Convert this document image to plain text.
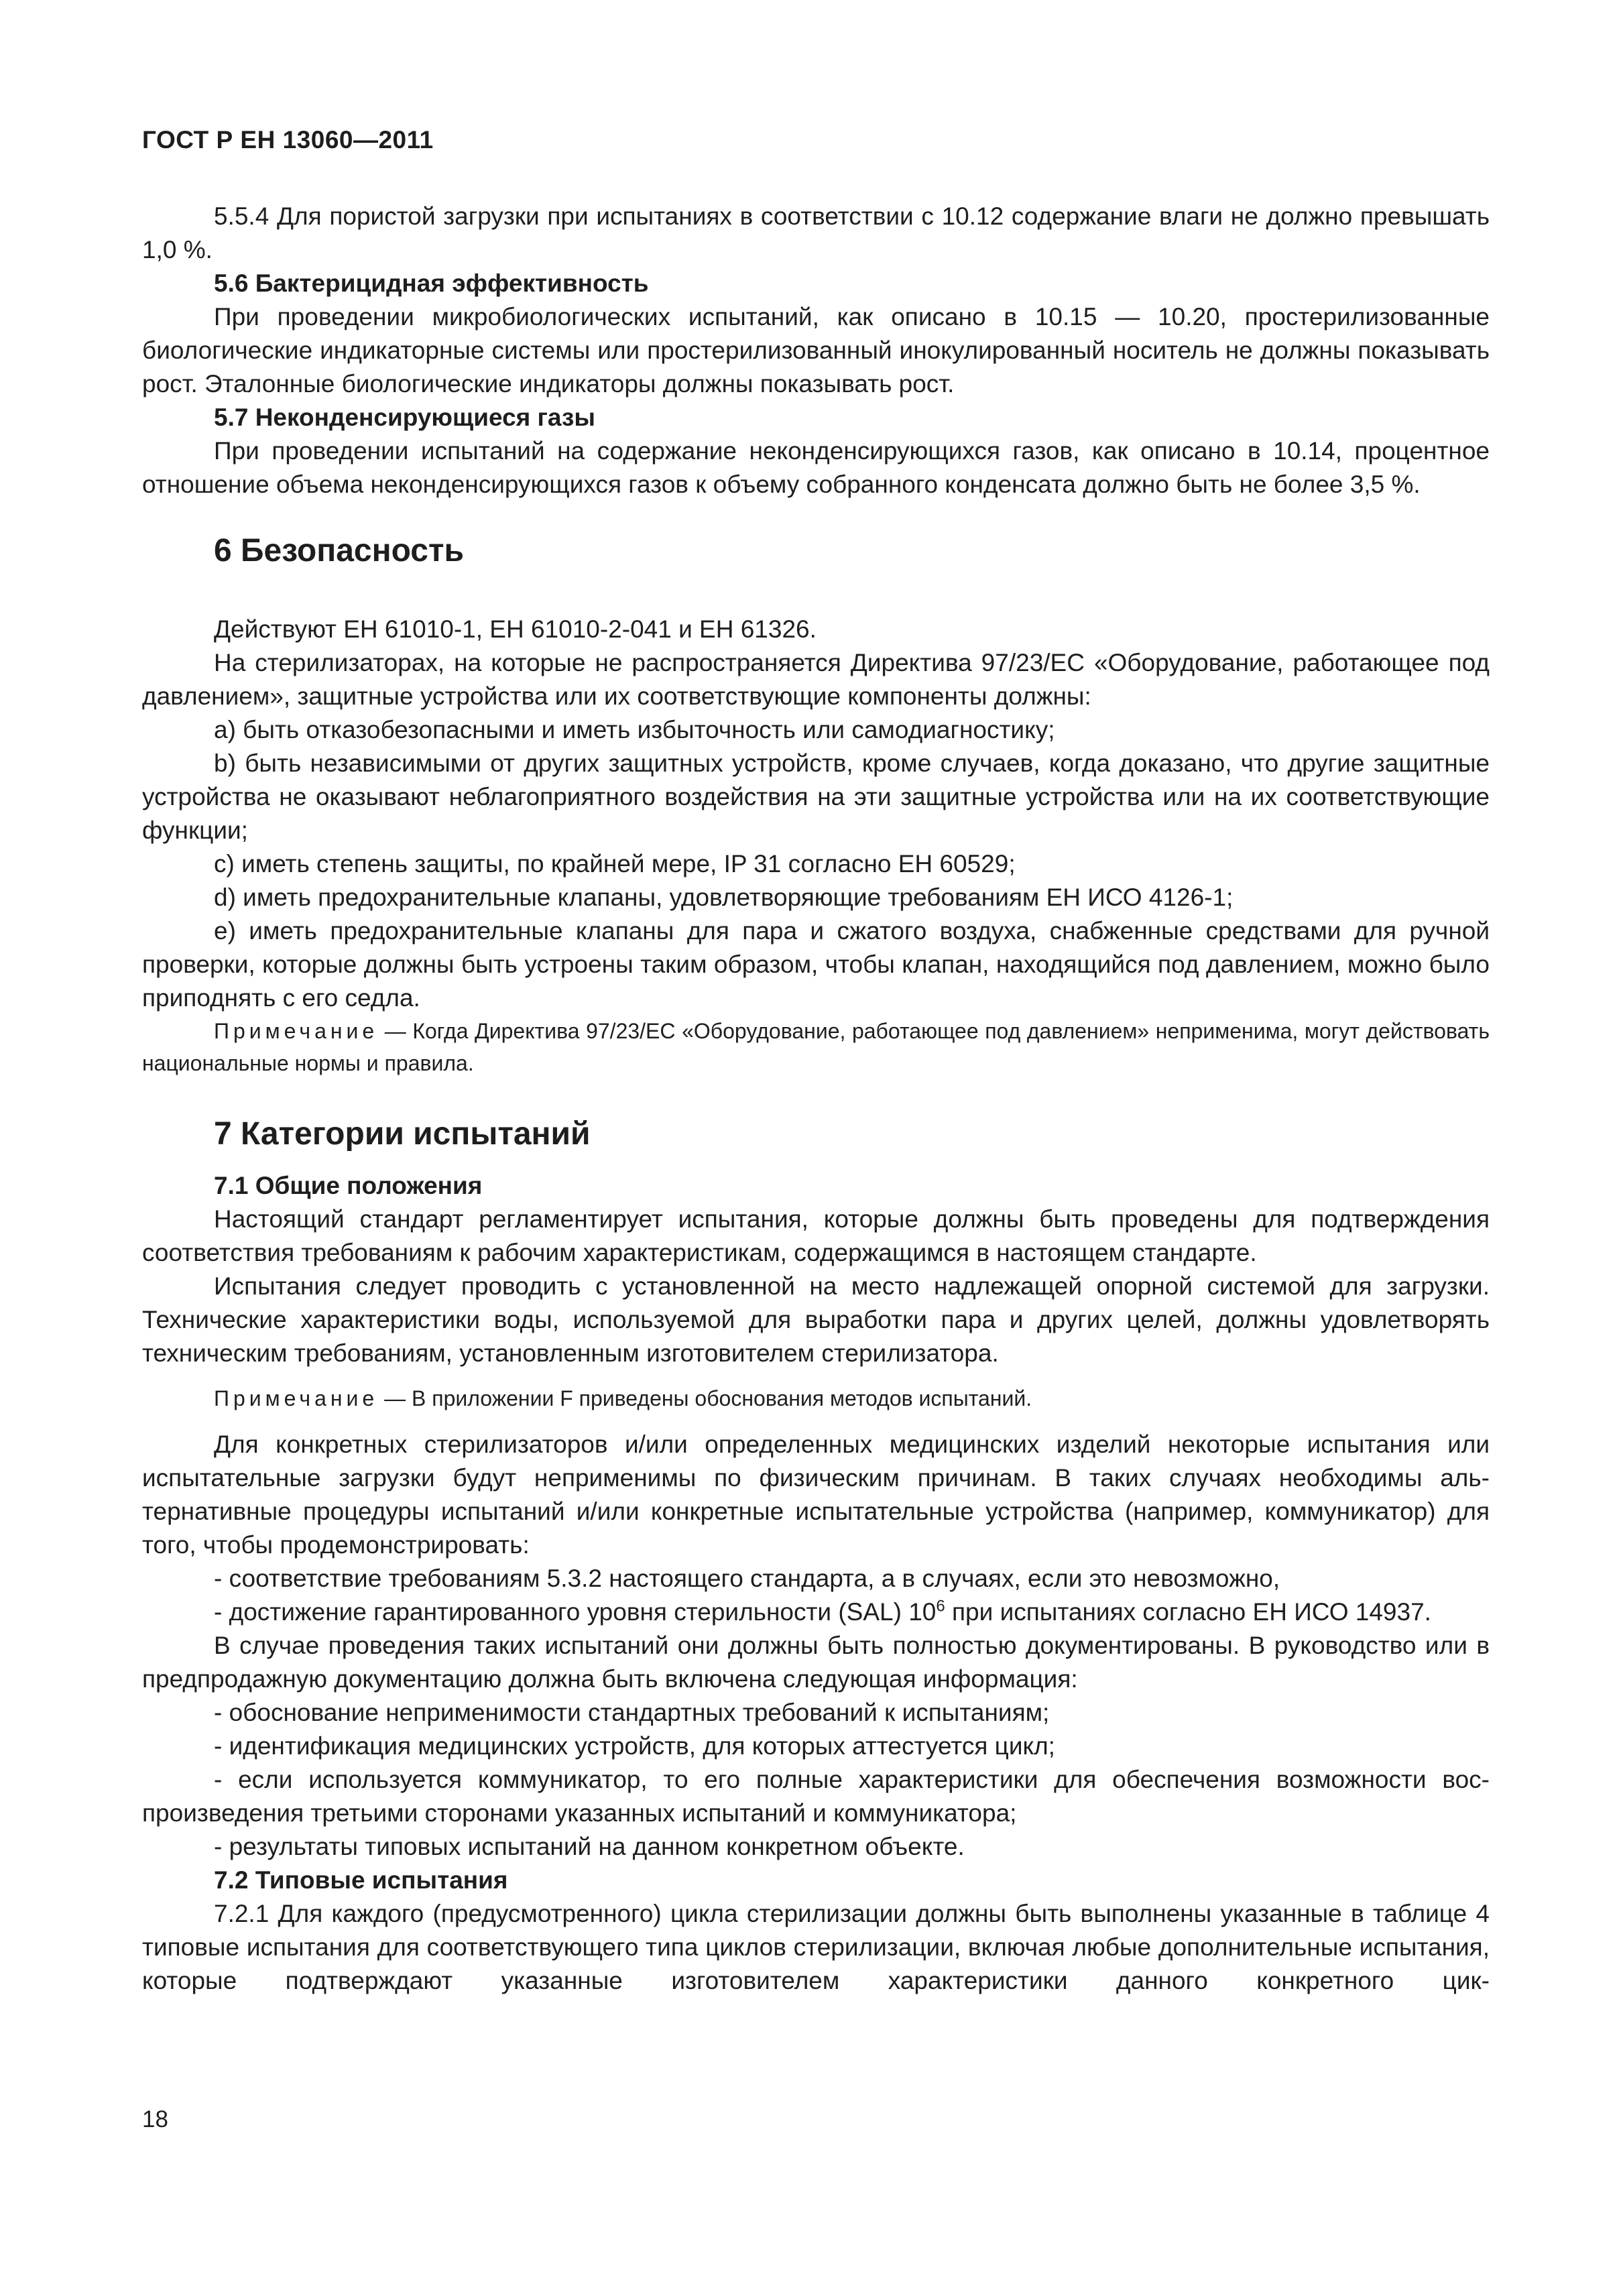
ГОСТ Р ЕН 13060—2011

5.5.4 Для пористой загрузки при испытаниях в соответствии с 10.12 содержание влаги не должно превышать 1,0 %.

5.6 Бактерицидная эффективность

При проведении микробиологических испытаний, как описано в 10.15 — 10.20, простерилизованные биологические индикаторные системы или простерилизованный инокулированный носитель не должны показывать рост. Эталонные биологические индикаторы должны показывать рост.

5.7 Неконденсирующиеся газы

При проведении испытаний на содержание неконденсирующихся газов, как описано в 10.14, процентное отношение объема неконденсирующихся газов к объему собранного конденсата должно быть не более 3,5 %.

6 Безопасность

Действуют ЕН 61010-1, ЕН 61010-2-041 и ЕН 61326.

На стерилизаторах, на которые не распространяется Директива 97/23/ЕС «Оборудование, работающее под давлением», защитные устройства или их соответствующие компоненты должны:

a) быть отказобезопасными и иметь избыточность или самодиагностику;

b) быть независимыми от других защитных устройств, кроме случаев, когда доказано, что другие защитные устройства не оказывают неблагоприятного воздействия на эти защитные устройства или на их соответствующие функции;

c) иметь степень защиты, по крайней мере, IP 31 согласно ЕН 60529;

d) иметь предохранительные клапаны, удовлетворяющие требованиям ЕН ИСО 4126-1;

e) иметь предохранительные клапаны для пара и сжатого воздуха, снабженные средствами для ручной проверки, которые должны быть устроены таким образом, чтобы клапан, находящийся под давлением, можно было приподнять с его седла.

Примечание — Когда Директива 97/23/ЕС «Оборудование, работающее под давлением» неприменима, могут действовать национальные нормы и правила.

7 Категории испытаний

7.1 Общие положения

Настоящий стандарт регламентирует испытания, которые должны быть проведены для подтверждения соответствия требованиям к рабочим характеристикам, содержащимся в настоящем стандарте.

Испытания следует проводить с установленной на место надлежащей опорной системой для загрузки. Технические характеристики воды, используемой для выработки пара и других целей, должны удовлетворять техническим требованиям, установленным изготовителем стерилизатора.

Примечание — В приложении F приведены обоснования методов испытаний.

Для конкретных стерилизаторов и/или определенных медицинских изделий некоторые испытания или испытательные загрузки будут неприменимы по физическим причинам. В таких случаях необходимы альтернативные процедуры испытаний и/или конкретные испытательные устройства (например, коммуникатор) для того, чтобы продемонстрировать:

- соответствие требованиям 5.3.2 настоящего стандарта, а в случаях, если это невозможно,

- достижение гарантированного уровня стерильности (SAL) $10^6$ при испытаниях согласно ЕН ИСО 14937.

В случае проведения таких испытаний они должны быть полностью документированы. В руководство или в предпродажную документацию должна быть включена следующая информация:

- обоснование неприменимости стандартных требований к испытаниям;

- идентификация медицинских устройств, для которых аттестуется цикл;

- если используется коммуникатор, то его полные характеристики для обеспечения возможности воспроизведения третьими сторонами указанных испытаний и коммуникатора;

- результаты типовых испытаний на данном конкретном объекте.

7.2 Типовые испытания

7.2.1 Для каждого (предусмотренного) цикла стерилизации должны быть выполнены указанные в таблице 4 типовые испытания для соответствующего типа циклов стерилизации, включая любые дополнительные испытания, которые подтверждают указанные изготовителем характеристики данного конкретного цик-

18
